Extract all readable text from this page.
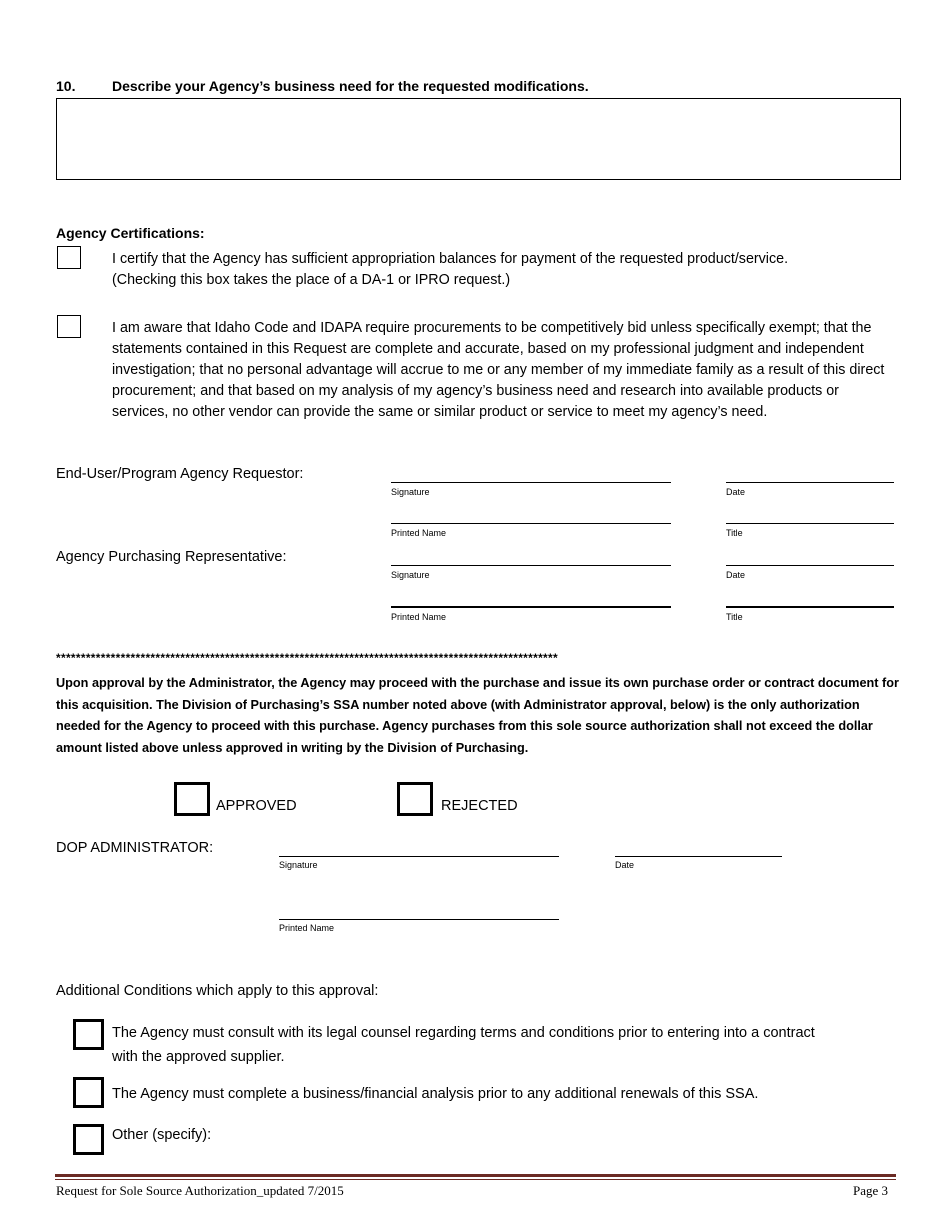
10.	Describe your Agency’s business need for the requested modifications.
Agency Certifications:
I certify that the Agency has sufficient appropriation balances for payment of the requested product/service.
(Checking this box takes the place of a DA-1 or IPRO request.)
I am aware that Idaho Code and IDAPA require procurements to be competitively bid unless specifically exempt; that the statements contained in this Request are complete and accurate, based on my professional judgment and independent investigation; that no personal advantage will accrue to me or any member of my immediate family as a result of this direct procurement; and that based on my analysis of my agency’s business need and research into available products or services, no other vendor can provide the same or similar product or service to meet my agency’s need.
End-User/Program Agency Requestor:
Signature	Date
Printed Name	Title
Agency Purchasing Representative:
Signature	Date
Printed Name	Title
*****************************************************************************************************
Upon approval by the Administrator, the Agency may proceed with the purchase and issue its own purchase order or contract document for this acquisition. The Division of Purchasing’s SSA number noted above (with Administrator approval, below) is the only authorization needed for the Agency to proceed with this purchase. Agency purchases from this sole source authorization shall not exceed the dollar amount listed above unless approved in writing by the Division of Purchasing.
APPROVED	REJECTED
DOP ADMINISTRATOR:
Signature	Date
Printed Name
Additional Conditions which apply to this approval:
The Agency must consult with its legal counsel regarding terms and conditions prior to entering into a contract
with the approved supplier.
The Agency must complete a business/financial analysis prior to any additional renewals of this SSA.
Other (specify):
Request for Sole Source Authorization_updated 7/2015	Page 3
